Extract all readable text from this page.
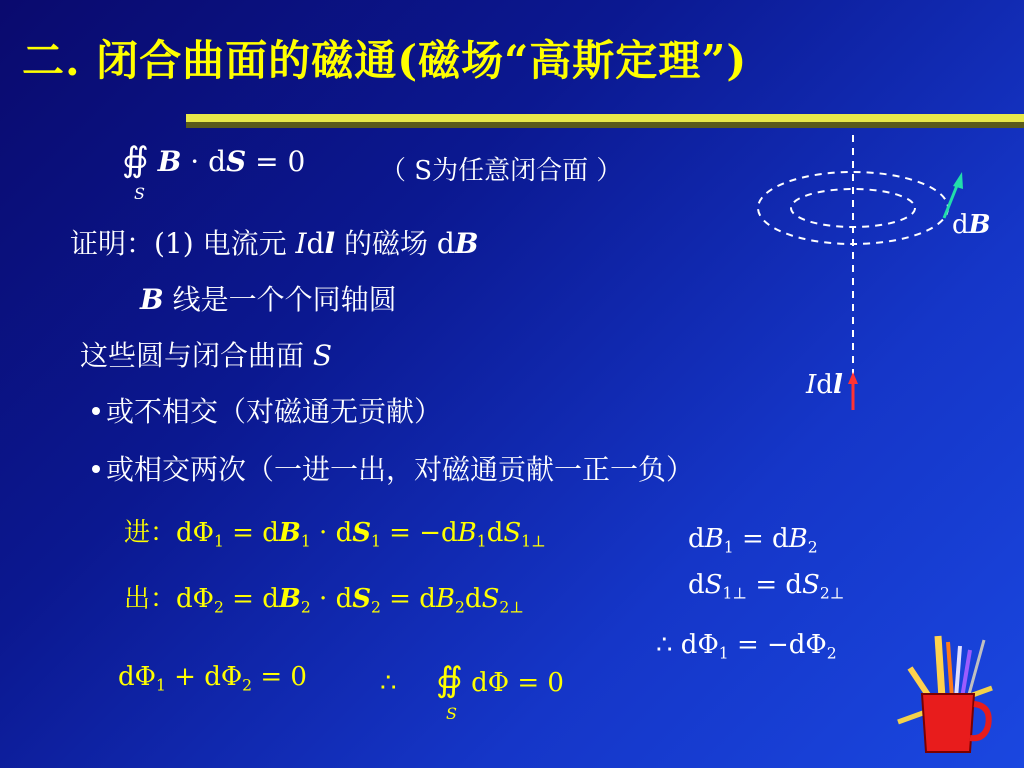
二. 闭合曲面的磁通(磁场“高斯定理”)
∯
S
B · dS = 0	（ S为任意闭合面 ）
证明：(1) 电流元 Idl 的磁场 dB
B 线是一个个同轴圆
这些圆与闭合曲面 S
或不相交（对磁通无贡献）
或相交两次（一进一出，对磁通贡献一正一负）
进：$d\Phi_1 = dB_1 \cdot dS_1 = -dB_1dS_{1\perp}$
出：$d\Phi_2 = dB_2 \cdot dS_2 = dB_2dS_{2\perp}$
$d\Phi_1 + d\Phi_2 = 0$	∴ ∯
S
dΦ = 0
$dB_1 = dB_2$
$dS_{1\perp} = dS_{2\perp}$
∴ $d\Phi_1 = -d\Phi_2$
dB
Idl
